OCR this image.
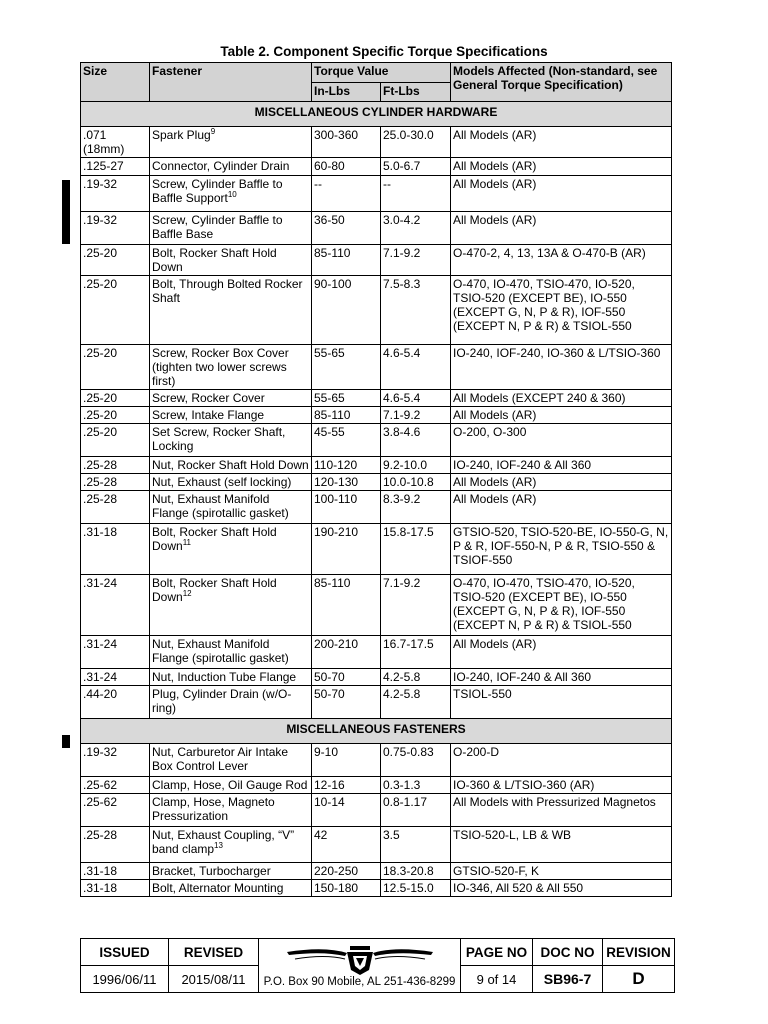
Table 2. Component Specific Torque Specifications
Size	Fastener	Torque Value		Models Affected (Non-standard, see General Torque Specification)
		In-Lbs	Ft-Lbs	
MISCELLANEOUS CYLINDER HARDWARE				
.071 (18mm)	Spark Plug$^9$	300-360	25.0-30.0	All Models (AR)
.125-27	Connector, Cylinder Drain	60-80	5.0-6.7	All Models (AR)
.19-32	Screw, Cylinder Baffle to Baffle Support$^{10}$	--	--	All Models (AR)
.19-32	Screw, Cylinder Baffle to Baffle Base	36-50	3.0-4.2	All Models (AR)
.25-20	Bolt, Rocker Shaft Hold Down	85-110	7.1-9.2	O-470-2, 4, 13, 13A & O-470-B (AR)
.25-20	Bolt, Through Bolted Rocker Shaft	90-100	7.5-8.3	O-470, IO-470, TSIO-470, IO-520, TSIO-520 (EXCEPT BE), IO-550 (EXCEPT G, N, P & R), IOF-550 (EXCEPT N, P & R) & TSIOL-550
.25-20	Screw, Rocker Box Cover (tighten two lower screws first)	55-65	4.6-5.4	IO-240, IOF-240, IO-360 & L/TSIO-360
.25-20	Screw, Rocker Cover	55-65	4.6-5.4	All Models (EXCEPT 240 & 360)
.25-20	Screw, Intake Flange	85-110	7.1-9.2	All Models (AR)
.25-20	Set Screw, Rocker Shaft, Locking	45-55	3.8-4.6	O-200, O-300
.25-28	Nut, Rocker Shaft Hold Down	110-120	9.2-10.0	IO-240, IOF-240 & All 360
.25-28	Nut, Exhaust (self locking)	120-130	10.0-10.8	All Models (AR)
.25-28	Nut, Exhaust Manifold Flange (spirotallic gasket)	100-110	8.3-9.2	All Models (AR)
.31-18	Bolt, Rocker Shaft Hold Down$^{11}$	190-210	15.8-17.5	GTSIO-520, TSIO-520-BE, IO-550-G, N, P & R, IOF-550-N, P & R, TSIO-550 & TSIOF-550
.31-24	Bolt, Rocker Shaft Hold Down$^{12}$	85-110	7.1-9.2	O-470, IO-470, TSIO-470, IO-520, TSIO-520 (EXCEPT BE), IO-550 (EXCEPT G, N, P & R), IOF-550 (EXCEPT N, P & R) & TSIOL-550
.31-24	Nut, Exhaust Manifold Flange (spirotallic gasket)	200-210	16.7-17.5	All Models (AR)
.31-24	Nut, Induction Tube Flange	50-70	4.2-5.8	IO-240, IOF-240 & All 360
.44-20	Plug, Cylinder Drain (w/O-ring)	50-70	4.2-5.8	TSIOL-550
MISCELLANEOUS FASTENERS				
.19-32	Nut, Carburetor Air Intake Box Control Lever	9-10	0.75-0.83	O-200-D
.25-62	Clamp, Hose, Oil Gauge Rod	12-16	0.3-1.3	IO-360 & L/TSIO-360 (AR)
.25-62	Clamp, Hose, Magneto Pressurization	10-14	0.8-1.17	All Models with Pressurized Magnetos
.25-28	Nut, Exhaust Coupling, “V” band clamp$^{13}$	42	3.5	TSIO-520-L, LB & WB
.31-18	Bracket, Turbocharger	220-250	18.3-20.8	GTSIO-520-F, K
.31-18	Bolt, Alternator Mounting	150-180	12.5-15.0	IO-346, All 520 & All 550
ISSUED	REVISED	P.O. Box 90 Mobile, AL 251-436-8299	PAGE NO	DOC NO	REVISION
1996/06/11	2015/08/11		9 of 14	SB96-7	D
